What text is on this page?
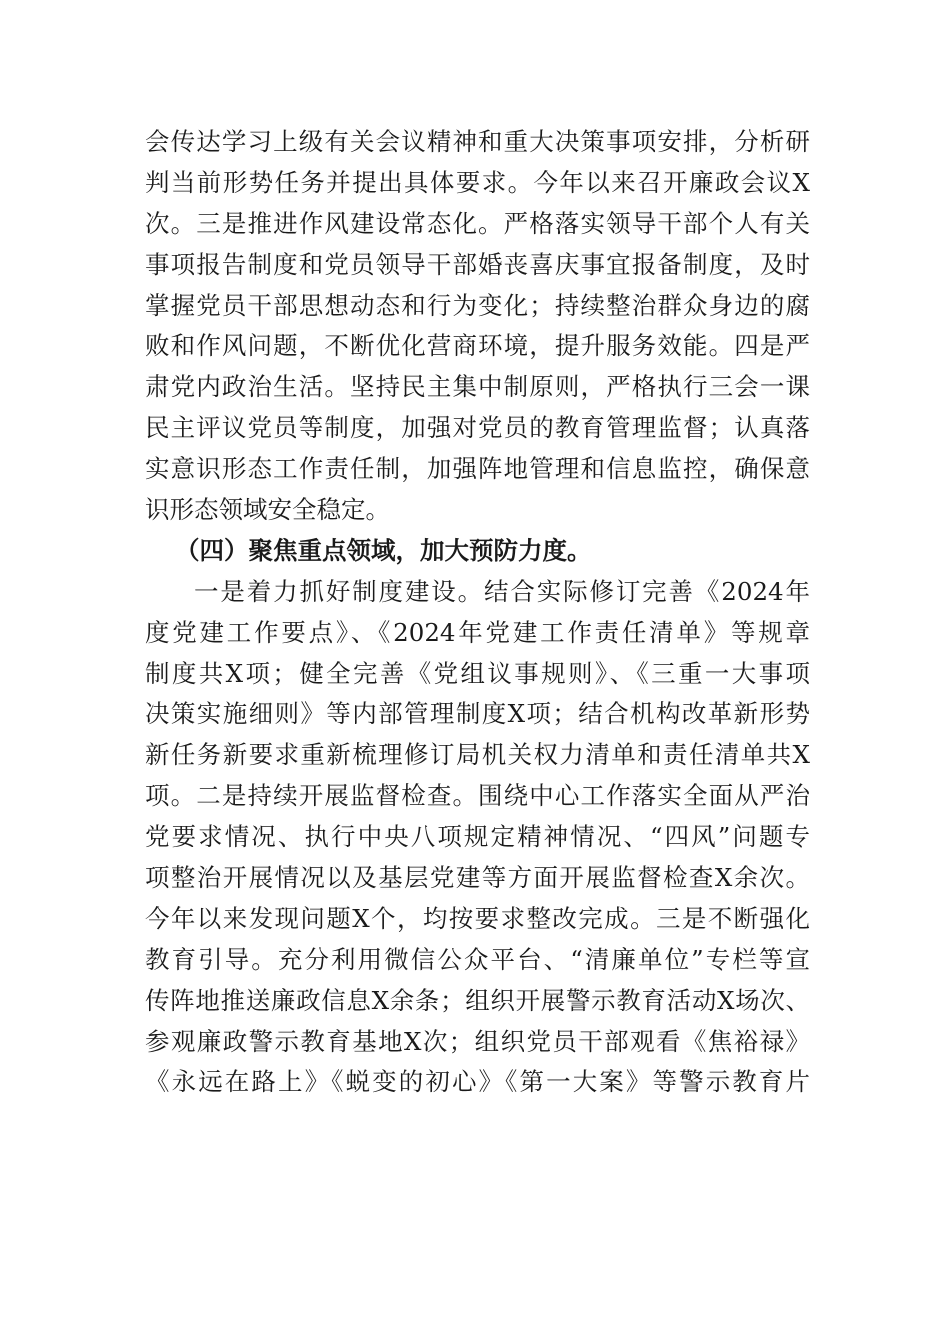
会传达学习上级有关会议精神和重大决策事项安排，分析研
判当前形势任务并提出具体要求。今年以来召开廉政会议X
次。三是推进作风建设常态化。严格落实领导干部个人有关
事项报告制度和党员领导干部婚丧喜庆事宜报备制度，及时
掌握党员干部思想动态和行为变化；持续整治群众身边的腐
败和作风问题，不断优化营商环境，提升服务效能。四是严
肃党内政治生活。坚持民主集中制原则，严格执行三会一课
民主评议党员等制度，加强对党员的教育管理监督；认真落
实意识形态工作责任制，加强阵地管理和信息监控，确保意
识形态领域安全稳定。
（四）聚焦重点领域，加大预防力度。
一是着力抓好制度建设。结合实际修订完善《2024年
度党建工作要点》、《2024年党建工作责任清单》等规章
制度共X项；健全完善《党组议事规则》、《三重一大事项
决策实施细则》等内部管理制度X项；结合机构改革新形势
新任务新要求重新梳理修订局机关权力清单和责任清单共X
项。二是持续开展监督检查。围绕中心工作落实全面从严治
党要求情况、执行中央八项规定精神情况、“四风”问题专
项整治开展情况以及基层党建等方面开展监督检查X余次。
今年以来发现问题X个，均按要求整改完成。三是不断强化
教育引导。充分利用微信公众平台、“清廉单位”专栏等宣
传阵地推送廉政信息X余条；组织开展警示教育活动X场次、
参观廉政警示教育基地X次；组织党员干部观看《焦裕禄》
《永远在路上》《蜕变的初心》《第一大案》等警示教育片
